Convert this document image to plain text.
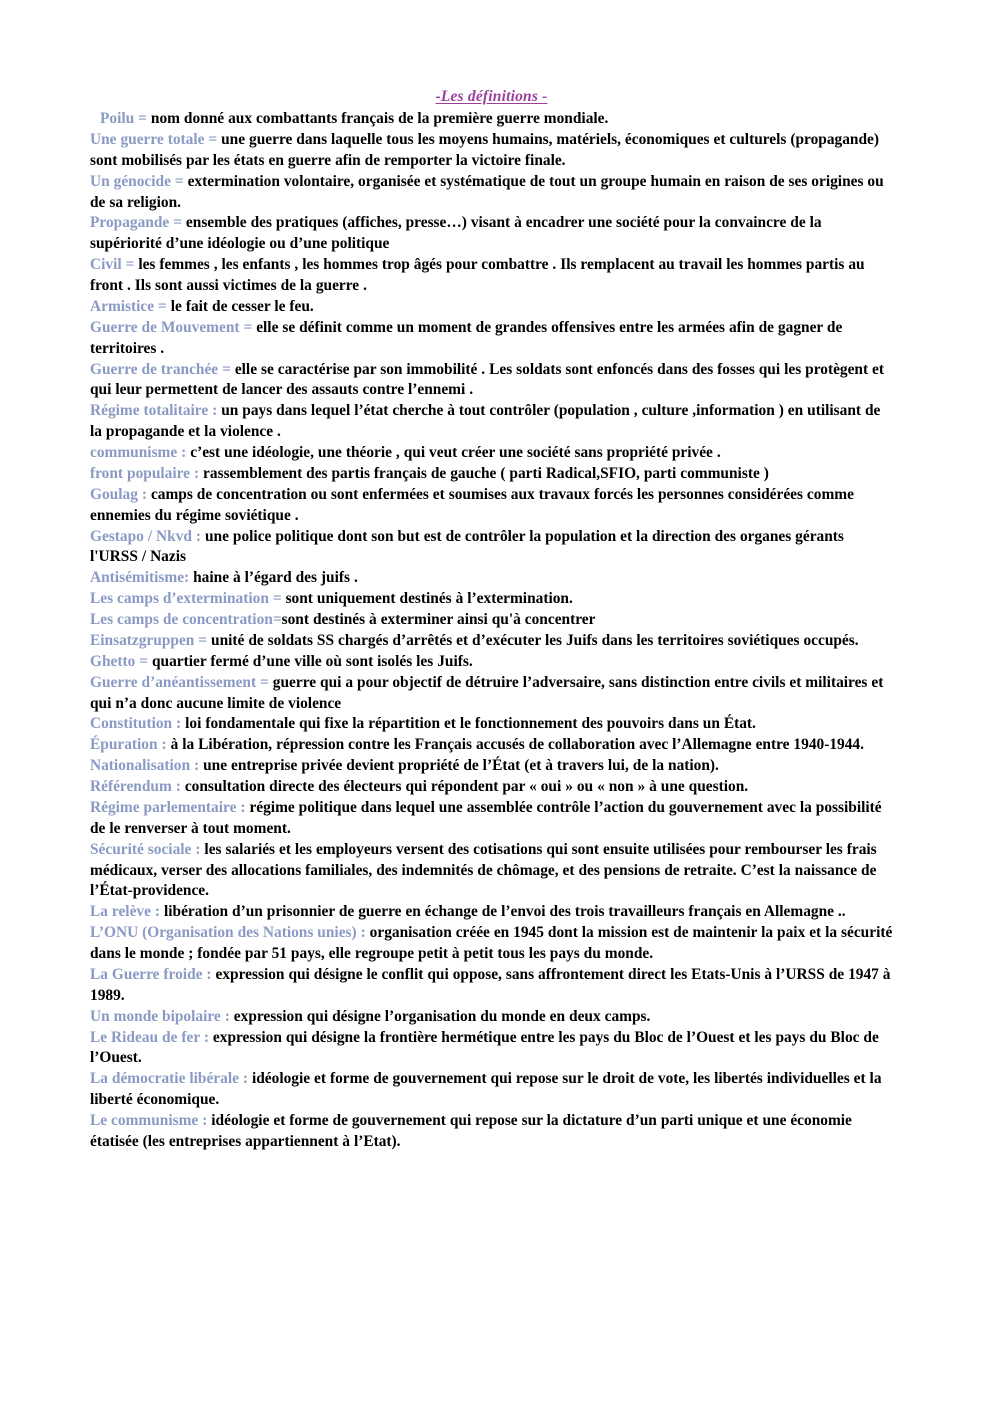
-Les définitions -

Poilu = nom donné aux combattants français de la première guerre mondiale.

Une guerre totale = une guerre dans laquelle tous les moyens humains, matériels, économiques et culturels (propagande) sont mobilisés par les états en guerre afin de remporter la victoire finale.

Un génocide = extermination volontaire, organisée et systématique de tout un groupe humain en raison de ses origines ou de sa religion.

Propagande = ensemble des pratiques (affiches, presse…) visant à encadrer une société pour la convaincre de la supériorité d’une idéologie ou d’une politique

Civil = les femmes , les enfants , les hommes trop âgés pour combattre . Ils remplacent au travail les hommes partis au front . Ils sont aussi victimes de la guerre .

Armistice = le fait de cesser le feu.

Guerre de Mouvement = elle se définit comme un moment de grandes offensives entre les armées afin de gagner de territoires .

Guerre de tranchée = elle se caractérise par son immobilité . Les soldats sont enfoncés dans des fosses qui les protègent et qui leur permettent de lancer des assauts contre l’ennemi .

Régime totalitaire : un pays dans lequel l’état cherche à tout contrôler (population , culture ,information ) en utilisant de la propagande et la violence .

communisme : c’est une idéologie, une théorie , qui veut créer une société sans propriété privée .

front populaire : rassemblement des partis français de gauche ( parti Radical,SFIO, parti communiste )

Goulag : camps de concentration ou sont enfermées et soumises aux travaux forcés les personnes considérées comme ennemies du régime soviétique .

Gestapo / Nkvd : une police politique dont son but est de contrôler la population et la direction des organes gérants l'URSS / Nazis

Antisémitisme: haine à l’égard des juifs .

Les camps d’extermination = sont uniquement destinés à l’extermination.

Les camps de concentration=sont destinés à exterminer ainsi qu'à concentrer

Einsatzgruppen = unité de soldats SS chargés d’arrêtés et d’exécuter les Juifs dans les territoires soviétiques occupés.

Ghetto = quartier fermé d’une ville où sont isolés les Juifs.

Guerre d’anéantissement = guerre qui a pour objectif de détruire l’adversaire, sans distinction entre civils et militaires et qui n’a donc aucune limite de violence

Constitution : loi fondamentale qui fixe la répartition et le fonctionnement des pouvoirs dans un État.

Épuration : à la Libération, répression contre les Français accusés de collaboration avec l’Allemagne entre 1940-1944.

Nationalisation : une entreprise privée devient propriété de l’État (et à travers lui, de la nation).

Référendum : consultation directe des électeurs qui répondent par « oui » ou « non » à une question.

Régime parlementaire : régime politique dans lequel une assemblée contrôle l’action du gouvernement avec la possibilité de le renverser à tout moment.

Sécurité sociale : les salariés et les employeurs versent des cotisations qui sont ensuite utilisées pour rembourser les frais médicaux, verser des allocations familiales, des indemnités de chômage, et des pensions de retraite. C’est la naissance de l’État-providence.

La relève : libération d’un prisonnier de guerre en échange de l’envoi des trois travailleurs français en Allemagne ..

L’ONU (Organisation des Nations unies) : organisation créée en 1945 dont la mission est de maintenir la paix et la sécurité dans le monde ; fondée par 51 pays, elle regroupe petit à petit tous les pays du monde.

La Guerre froide : expression qui désigne le conflit qui oppose, sans affrontement direct les Etats-Unis à l’URSS de 1947 à 1989.

Un monde bipolaire : expression qui désigne l’organisation du monde en deux camps.

Le Rideau de fer : expression qui désigne la frontière hermétique entre les pays du Bloc de l’Ouest et les pays du Bloc de l’Ouest.

La démocratie libérale : idéologie et forme de gouvernement qui repose sur le droit de vote, les libertés individuelles et la liberté économique.

Le communisme : idéologie et forme de gouvernement qui repose sur la dictature d’un parti unique et une économie étatisée (les entreprises appartiennent à l’Etat).
